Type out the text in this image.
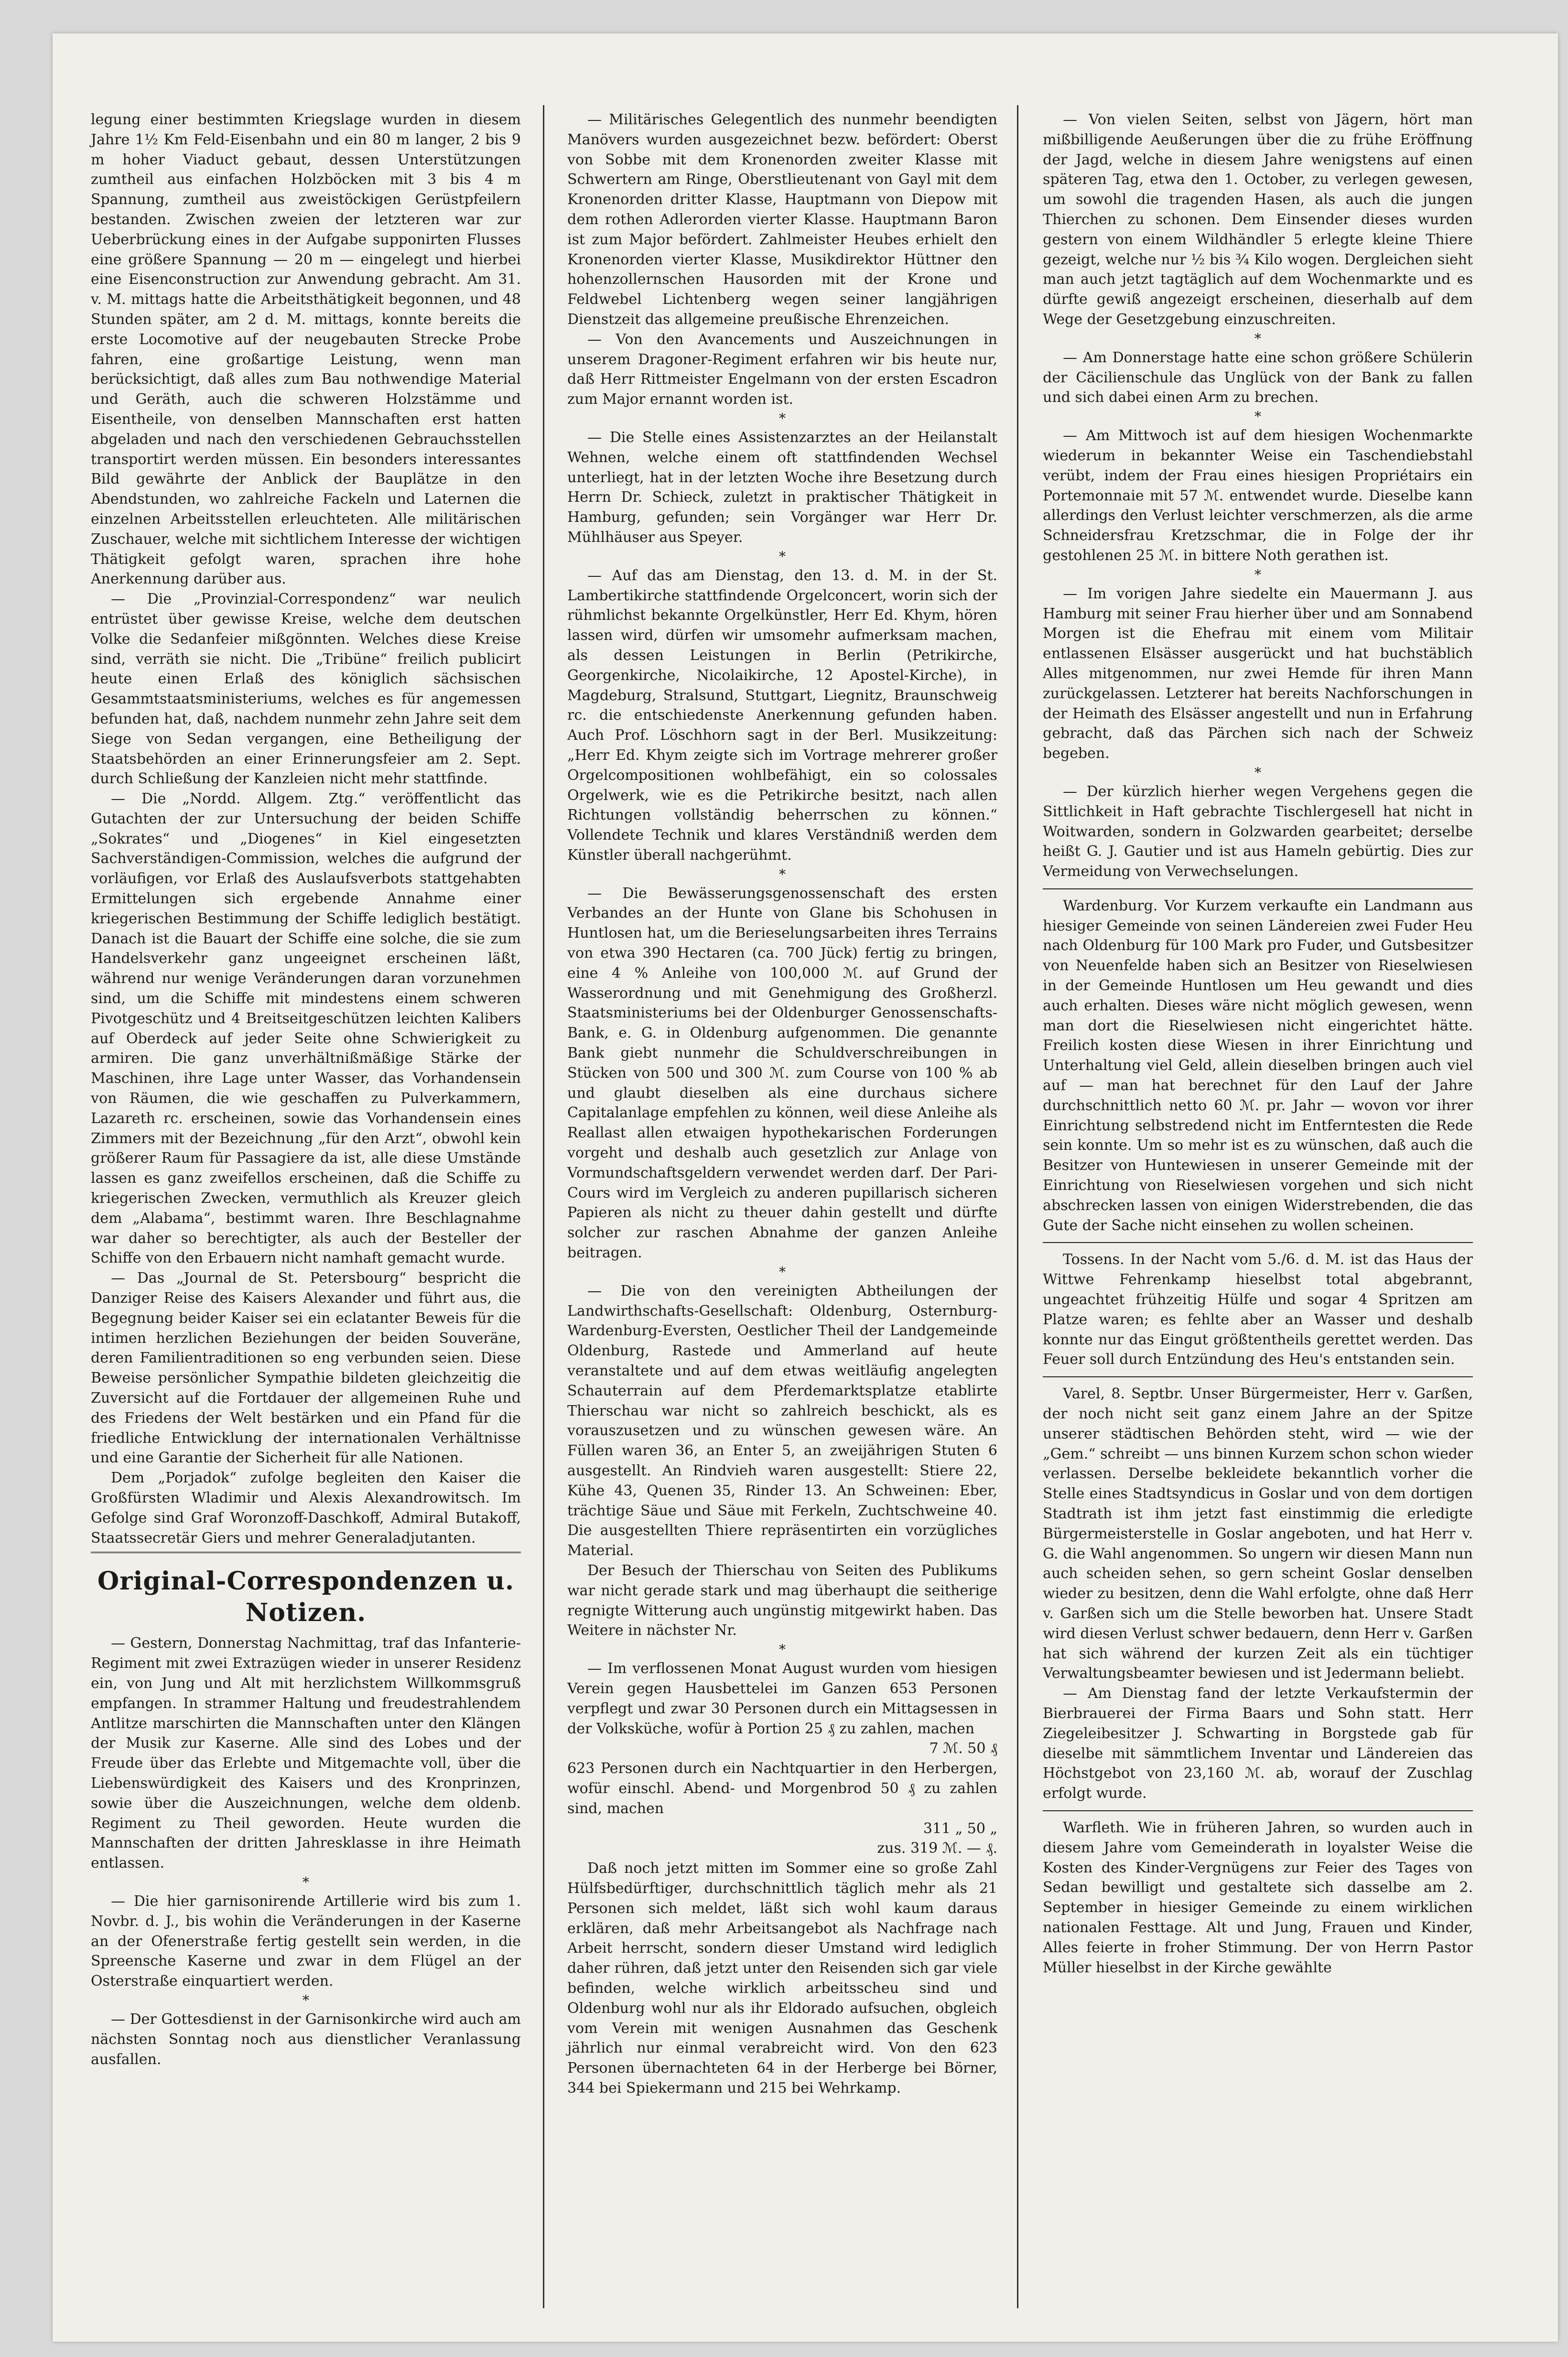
legung einer bestimmten Kriegslage wurden in diesem Jahre 1½ Km Feld-Eisenbahn und ein 80 m langer, 2 bis 9 m hoher Viaduct gebaut, dessen Unterstützungen zumtheil aus einfachen Holzböcken mit 3 bis 4 m Spannung, zumtheil aus zweistöckigen Gerüstpfeilern bestanden. Zwischen zweien der letzteren war zur Ueberbrückung eines in der Aufgabe supponirten Flusses eine größere Spannung — 20 m — eingelegt und hierbei eine Eisenconstruction zur Anwendung gebracht. Am 31. v. M. mittags hatte die Arbeitsthätigkeit begonnen, und 48 Stunden später, am 2 d. M. mittags, konnte bereits die erste Locomotive auf der neugebauten Strecke Probe fahren, eine großartige Leistung, wenn man berücksichtigt, daß alles zum Bau nothwendige Material und Geräth, auch die schweren Holzstämme und Eisentheile, von denselben Mannschaften erst hatten abgeladen und nach den verschiedenen Gebrauchsstellen transportirt werden müssen. Ein besonders interessantes Bild gewährte der Anblick der Bauplätze in den Abendstunden, wo zahlreiche Fackeln und Laternen die einzelnen Arbeitsstellen erleuchteten. Alle militärischen Zuschauer, welche mit sichtlichem Interesse der wichtigen Thätigkeit gefolgt waren, sprachen ihre hohe Anerkennung darüber aus.

— Die „Provinzial-Correspondenz“ war neulich entrüstet über gewisse Kreise, welche dem deutschen Volke die Sedanfeier mißgönnten. Welches diese Kreise sind, verräth sie nicht. Die „Tribüne“ freilich publicirt heute einen Erlaß des königlich sächsischen Gesammtstaatsministeriums, welches es für angemessen befunden hat, daß, nachdem nunmehr zehn Jahre seit dem Siege von Sedan vergangen, eine Betheiligung der Staatsbehörden an einer Erinnerungsfeier am 2. Sept. durch Schließung der Kanzleien nicht mehr stattfinde.

— Die „Nordd. Allgem. Ztg.“ veröffentlicht das Gutachten der zur Untersuchung der beiden Schiffe „Sokrates“ und „Diogenes“ in Kiel eingesetzten Sachverständigen-Commission, welches die aufgrund der vorläufigen, vor Erlaß des Auslaufsverbots stattgehabten Ermittelungen sich ergebende Annahme einer kriegerischen Bestimmung der Schiffe lediglich bestätigt. Danach ist die Bauart der Schiffe eine solche, die sie zum Handelsverkehr ganz ungeeignet erscheinen läßt, während nur wenige Veränderungen daran vorzunehmen sind, um die Schiffe mit mindestens einem schweren Pivotgeschütz und 4 Breitseitgeschützen leichten Kalibers auf Oberdeck auf jeder Seite ohne Schwierigkeit zu armiren. Die ganz unverhältnißmäßige Stärke der Maschinen, ihre Lage unter Wasser, das Vorhandensein von Räumen, die wie geschaffen zu Pulverkammern, Lazareth rc. erscheinen, sowie das Vorhandensein eines Zimmers mit der Bezeichnung „für den Arzt“, obwohl kein größerer Raum für Passagiere da ist, alle diese Umstände lassen es ganz zweifellos erscheinen, daß die Schiffe zu kriegerischen Zwecken, vermuthlich als Kreuzer gleich dem „Alabama“, bestimmt waren. Ihre Beschlagnahme war daher so berechtigter, als auch der Besteller der Schiffe von den Erbauern nicht namhaft gemacht wurde.

— Das „Journal de St. Petersbourg“ bespricht die Danziger Reise des Kaisers Alexander und führt aus, die Begegnung beider Kaiser sei ein eclatanter Beweis für die intimen herzlichen Beziehungen der beiden Souveräne, deren Familientraditionen so eng verbunden seien. Diese Beweise persönlicher Sympathie bildeten gleichzeitig die Zuversicht auf die Fortdauer der allgemeinen Ruhe und des Friedens der Welt bestärken und ein Pfand für die friedliche Entwicklung der internationalen Verhältnisse und eine Garantie der Sicherheit für alle Nationen.

Dem „Porjadok“ zufolge begleiten den Kaiser die Großfürsten Wladimir und Alexis Alexandrowitsch. Im Gefolge sind Graf Woronzoff-Daschkoff, Admiral Butakoff, Staatssecretär Giers und mehrer Generaladjutanten.

Original-Correspondenzen u. Notizen.

— Gestern, Donnerstag Nachmittag, traf das Infanterie-Regiment mit zwei Extrazügen wieder in unserer Residenz ein, von Jung und Alt mit herzlichstem Willkommsgruß empfangen. In strammer Haltung und freudestrahlendem Antlitze marschirten die Mannschaften unter den Klängen der Musik zur Kaserne. Alle sind des Lobes und der Freude über das Erlebte und Mitgemachte voll, über die Liebenswürdigkeit des Kaisers und des Kronprinzen, sowie über die Auszeichnungen, welche dem oldenb. Regiment zu Theil geworden. Heute wurden die Mannschaften der dritten Jahresklasse in ihre Heimath entlassen.

*

— Die hier garnisonirende Artillerie wird bis zum 1. Novbr. d. J., bis wohin die Veränderungen in der Kaserne an der Ofenerstraße fertig gestellt sein werden, in die Spreensche Kaserne und zwar in dem Flügel an der Osterstraße einquartiert werden.

*

— Der Gottesdienst in der Garnisonkirche wird auch am nächsten Sonntag noch aus dienstlicher Veranlassung ausfallen.

— Militärisches Gelegentlich des nunmehr beendigten Manövers wurden ausgezeichnet bezw. befördert: Oberst von Sobbe mit dem Kronenorden zweiter Klasse mit Schwertern am Ringe, Oberstlieutenant von Gayl mit dem Kronenorden dritter Klasse, Hauptmann von Diepow mit dem rothen Adlerorden vierter Klasse. Hauptmann Baron ist zum Major befördert. Zahlmeister Heubes erhielt den Kronenorden vierter Klasse, Musikdirektor Hüttner den hohenzollernschen Hausorden mit der Krone und Feldwebel Lichtenberg wegen seiner langjährigen Dienstzeit das allgemeine preußische Ehrenzeichen.

— Von den Avancements und Auszeichnungen in unserem Dragoner-Regiment erfahren wir bis heute nur, daß Herr Rittmeister Engelmann von der ersten Escadron zum Major ernannt worden ist.

*

— Die Stelle eines Assistenzarztes an der Heilanstalt Wehnen, welche einem oft stattfindenden Wechsel unterliegt, hat in der letzten Woche ihre Besetzung durch Herrn Dr. Schieck, zuletzt in praktischer Thätigkeit in Hamburg, gefunden; sein Vorgänger war Herr Dr. Mühlhäuser aus Speyer.

*

— Auf das am Dienstag, den 13. d. M. in der St. Lambertikirche stattfindende Orgelconcert, worin sich der rühmlichst bekannte Orgelkünstler, Herr Ed. Khym, hören lassen wird, dürfen wir umsomehr aufmerksam machen, als dessen Leistungen in Berlin (Petrikirche, Georgenkirche, Nicolaikirche, 12 Apostel-Kirche), in Magdeburg, Stralsund, Stuttgart, Liegnitz, Braunschweig rc. die entschiedenste Anerkennung gefunden haben. Auch Prof. Löschhorn sagt in der Berl. Musikzeitung: „Herr Ed. Khym zeigte sich im Vortrage mehrerer großer Orgelcompositionen wohlbefähigt, ein so colossales Orgelwerk, wie es die Petrikirche besitzt, nach allen Richtungen vollständig beherrschen zu können.“ Vollendete Technik und klares Verständniß werden dem Künstler überall nachgerühmt.

*

— Die Bewässerungsgenossenschaft des ersten Verbandes an der Hunte von Glane bis Schohusen in Huntlosen hat, um die Berieselungsarbeiten ihres Terrains von etwa 390 Hectaren (ca. 700 Jück) fertig zu bringen, eine 4 % Anleihe von 100,000 ℳ. auf Grund der Wasserordnung und mit Genehmigung des Großherzl. Staatsministeriums bei der Oldenburger Genossenschafts-Bank, e. G. in Oldenburg aufgenommen. Die genannte Bank giebt nunmehr die Schuldverschreibungen in Stücken von 500 und 300 ℳ. zum Course von 100 % ab und glaubt dieselben als eine durchaus sichere Capitalanlage empfehlen zu können, weil diese Anleihe als Reallast allen etwaigen hypothekarischen Forderungen vorgeht und deshalb auch gesetzlich zur Anlage von Vormundschaftsgeldern verwendet werden darf. Der Pari-Cours wird im Vergleich zu anderen pupillarisch sicheren Papieren als nicht zu theuer dahin gestellt und dürfte solcher zur raschen Abnahme der ganzen Anleihe beitragen.

*

— Die von den vereinigten Abtheilungen der Landwirthschafts-Gesellschaft: Oldenburg, Osternburg-Wardenburg-Eversten, Oestlicher Theil der Landgemeinde Oldenburg, Rastede und Ammerland auf heute veranstaltete und auf dem etwas weitläufig angelegten Schauterrain auf dem Pferdemarktsplatze etablirte Thierschau war nicht so zahlreich beschickt, als es vorauszusetzen und zu wünschen gewesen wäre. An Füllen waren 36, an Enter 5, an zweijährigen Stuten 6 ausgestellt. An Rindvieh waren ausgestellt: Stiere 22, Kühe 43, Quenen 35, Rinder 13. An Schweinen: Eber, trächtige Säue und Säue mit Ferkeln, Zuchtschweine 40. Die ausgestellten Thiere repräsentirten ein vorzügliches Material.

Der Besuch der Thierschau von Seiten des Publikums war nicht gerade stark und mag überhaupt die seitherige regnigte Witterung auch ungünstig mitgewirkt haben. Das Weitere in nächster Nr.

*

— Im verflossenen Monat August wurden vom hiesigen Verein gegen Hausbettelei im Ganzen 653 Personen verpflegt und zwar 30 Personen durch ein Mittagsessen in der Volksküche, wofür à Portion 25 ₰ zu zahlen, machen

7 ℳ. 50 ₰

623 Personen durch ein Nachtquartier in den Herbergen, wofür einschl. Abend- und Morgenbrod 50 ₰ zu zahlen sind, machen

311 „ 50 „

zus. 319 ℳ. — ₰.

Daß noch jetzt mitten im Sommer eine so große Zahl Hülfsbedürftiger, durchschnittlich täglich mehr als 21 Personen sich meldet, läßt sich wohl kaum daraus erklären, daß mehr Arbeitsangebot als Nachfrage nach Arbeit herrscht, sondern dieser Umstand wird lediglich daher rühren, daß jetzt unter den Reisenden sich gar viele befinden, welche wirklich arbeitsscheu sind und Oldenburg wohl nur als ihr Eldorado aufsuchen, obgleich vom Verein mit wenigen Ausnahmen das Geschenk jährlich nur einmal verabreicht wird. Von den 623 Personen übernachteten 64 in der Herberge bei Börner, 344 bei Spiekermann und 215 bei Wehrkamp.

— Von vielen Seiten, selbst von Jägern, hört man mißbilligende Aeußerungen über die zu frühe Eröffnung der Jagd, welche in diesem Jahre wenigstens auf einen späteren Tag, etwa den 1. October, zu verlegen gewesen, um sowohl die tragenden Hasen, als auch die jungen Thierchen zu schonen. Dem Einsender dieses wurden gestern von einem Wildhändler 5 erlegte kleine Thiere gezeigt, welche nur ½ bis ¾ Kilo wogen. Dergleichen sieht man auch jetzt tagtäglich auf dem Wochenmarkte und es dürfte gewiß angezeigt erscheinen, dieserhalb auf dem Wege der Gesetzgebung einzuschreiten.

*

— Am Donnerstage hatte eine schon größere Schülerin der Cäcilienschule das Unglück von der Bank zu fallen und sich dabei einen Arm zu brechen.

*

— Am Mittwoch ist auf dem hiesigen Wochenmarkte wiederum in bekannter Weise ein Taschendiebstahl verübt, indem der Frau eines hiesigen Propriétairs ein Portemonnaie mit 57 ℳ. entwendet wurde. Dieselbe kann allerdings den Verlust leichter verschmerzen, als die arme Schneidersfrau Kretzschmar, die in Folge der ihr gestohlenen 25 ℳ. in bittere Noth gerathen ist.

*

— Im vorigen Jahre siedelte ein Mauermann J. aus Hamburg mit seiner Frau hierher über und am Sonnabend Morgen ist die Ehefrau mit einem vom Militair entlassenen Elsässer ausgerückt und hat buchstäblich Alles mitgenommen, nur zwei Hemde für ihren Mann zurückgelassen. Letzterer hat bereits Nachforschungen in der Heimath des Elsässer angestellt und nun in Erfahrung gebracht, daß das Pärchen sich nach der Schweiz begeben.

*

— Der kürzlich hierher wegen Vergehens gegen die Sittlichkeit in Haft gebrachte Tischlergesell hat nicht in Woitwarden, sondern in Golzwarden gearbeitet; derselbe heißt G. J. Gautier und ist aus Hameln gebürtig. Dies zur Vermeidung von Verwechselungen.

Wardenburg. Vor Kurzem verkaufte ein Landmann aus hiesiger Gemeinde von seinen Ländereien zwei Fuder Heu nach Oldenburg für 100 Mark pro Fuder, und Gutsbesitzer von Neuenfelde haben sich an Besitzer von Rieselwiesen in der Gemeinde Huntlosen um Heu gewandt und dies auch erhalten. Dieses wäre nicht möglich gewesen, wenn man dort die Rieselwiesen nicht eingerichtet hätte. Freilich kosten diese Wiesen in ihrer Einrichtung und Unterhaltung viel Geld, allein dieselben bringen auch viel auf — man hat berechnet für den Lauf der Jahre durchschnittlich netto 60 ℳ. pr. Jahr — wovon vor ihrer Einrichtung selbstredend nicht im Entferntesten die Rede sein konnte. Um so mehr ist es zu wünschen, daß auch die Besitzer von Huntewiesen in unserer Gemeinde mit der Einrichtung von Rieselwiesen vorgehen und sich nicht abschrecken lassen von einigen Widerstrebenden, die das Gute der Sache nicht einsehen zu wollen scheinen.

Tossens. In der Nacht vom 5./6. d. M. ist das Haus der Wittwe Fehrenkamp hieselbst total abgebrannt, ungeachtet frühzeitig Hülfe und sogar 4 Spritzen am Platze waren; es fehlte aber an Wasser und deshalb konnte nur das Eingut größtentheils gerettet werden. Das Feuer soll durch Entzündung des Heu's entstanden sein.

Varel, 8. Septbr. Unser Bürgermeister, Herr v. Garßen, der noch nicht seit ganz einem Jahre an der Spitze unserer städtischen Behörden steht, wird — wie der „Gem.“ schreibt — uns binnen Kurzem schon schon wieder verlassen. Derselbe bekleidete bekanntlich vorher die Stelle eines Stadtsyndicus in Goslar und von dem dortigen Stadtrath ist ihm jetzt fast einstimmig die erledigte Bürgermeisterstelle in Goslar angeboten, und hat Herr v. G. die Wahl angenommen. So ungern wir diesen Mann nun auch scheiden sehen, so gern scheint Goslar denselben wieder zu besitzen, denn die Wahl erfolgte, ohne daß Herr v. Garßen sich um die Stelle beworben hat. Unsere Stadt wird diesen Verlust schwer bedauern, denn Herr v. Garßen hat sich während der kurzen Zeit als ein tüchtiger Verwaltungsbeamter bewiesen und ist Jedermann beliebt.

— Am Dienstag fand der letzte Verkaufstermin der Bierbrauerei der Firma Baars und Sohn statt. Herr Ziegeleibesitzer J. Schwarting in Borgstede gab für dieselbe mit sämmtlichem Inventar und Ländereien das Höchstgebot von 23,160 ℳ. ab, worauf der Zuschlag erfolgt wurde.

Warfleth. Wie in früheren Jahren, so wurden auch in diesem Jahre vom Gemeinderath in loyalster Weise die Kosten des Kinder-Vergnügens zur Feier des Tages von Sedan bewilligt und gestaltete sich dasselbe am 2. September in hiesiger Gemeinde zu einem wirklichen nationalen Festtage. Alt und Jung, Frauen und Kinder, Alles feierte in froher Stimmung. Der von Herrn Pastor Müller hieselbst in der Kirche gewählte
